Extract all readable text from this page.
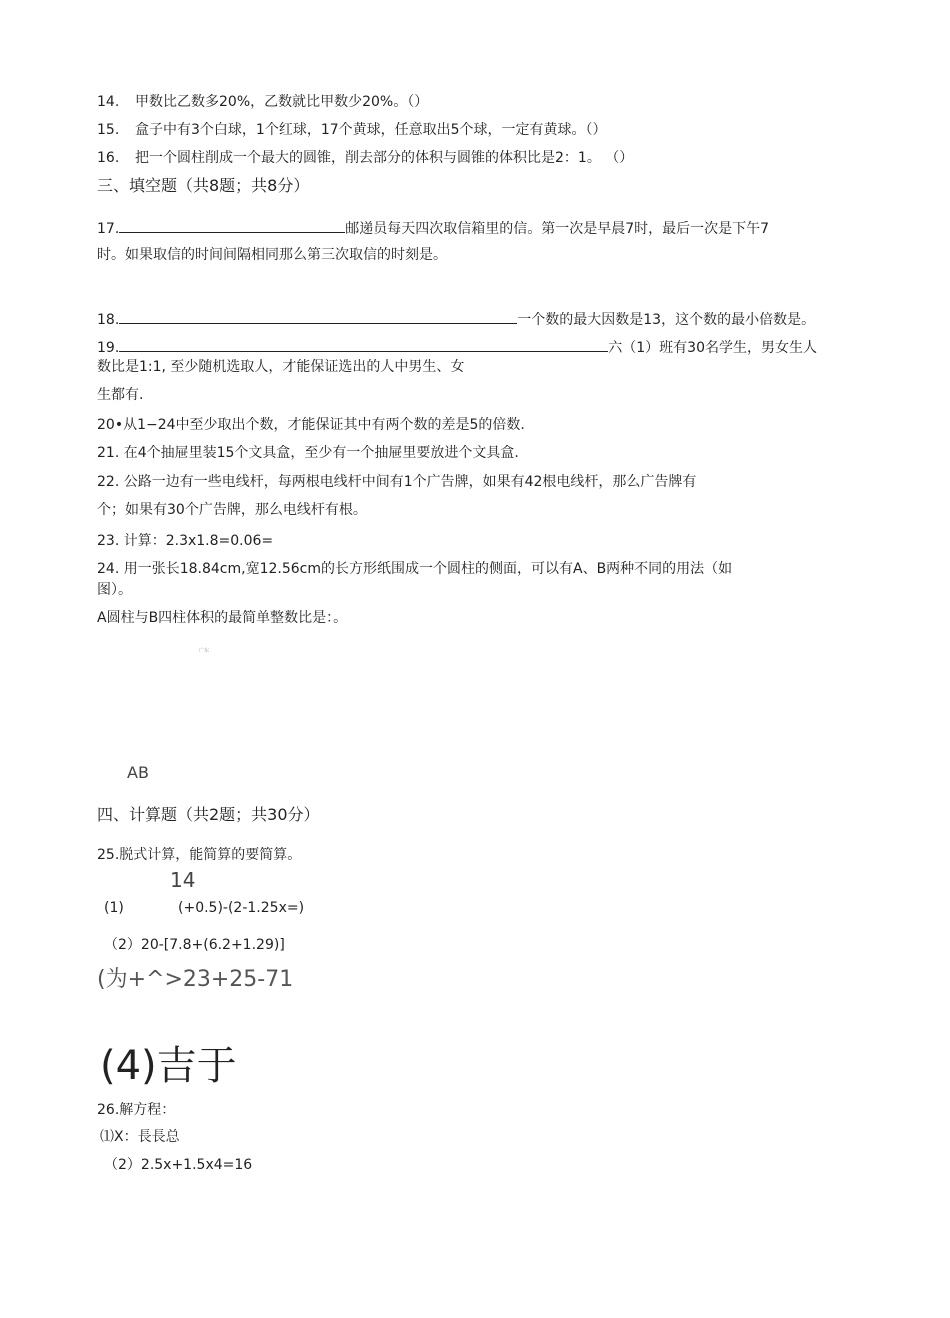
14. 甲数比乙数多20%，乙数就比甲数少20%。（）
15. 盒子中有3个白球，1个红球，17个黄球，任意取出5个球，一定有黄球。（）
16. 把一个圆柱削成一个最大的圆锥，削去部分的体积与圆锥的体积比是2：1。 （）
三、填空题（共8题；共8分）
17.	邮递员每天四次取信箱里的信。第一次是早晨7时，最后一次是下午7
时。如果取信的时间间隔相同那么第三次取信的时刻是。
18.	一个数的最大因数是13，这个数的最小倍数是。
19.	六（1）班有30名学生，男女生人
数比是1:1, 至少随机选取人，才能保证选出的人中男生、女
生都有.
20•从1−24中至少取出个数，才能保证其中有两个数的差是5的倍数.
21. 在4个抽屉里装15个文具盒，至少有一个抽屉里要放进个文具盒.
22. 公路一边有一些电线杆，每两根电线杆中间有1个广告牌，如果有42根电线杆，那么广告牌有
个；如果有30个广告牌，那么电线杆有根。
23. 计算：2.3x1.8=0.06=
24. 用一张长18.84cm,宽12.56cm的长方形纸围成一个圆柱的侧面，可以有A、B两种不同的用法（如
图）。
A圆柱与B四柱体积的最简单整数比是：。
广东
AB
四、计算题（共2题；共30分）
25.脱式计算，能简算的要简算。
14
(1)	(+0.5)-(2-1.25x=)
（2）20-[7.8+(6.2+1.29)]
(为+^>23+25-71
(4)吉于
26.解方程：
⑴X：長長总
（2）2.5x+1.5x4=16
